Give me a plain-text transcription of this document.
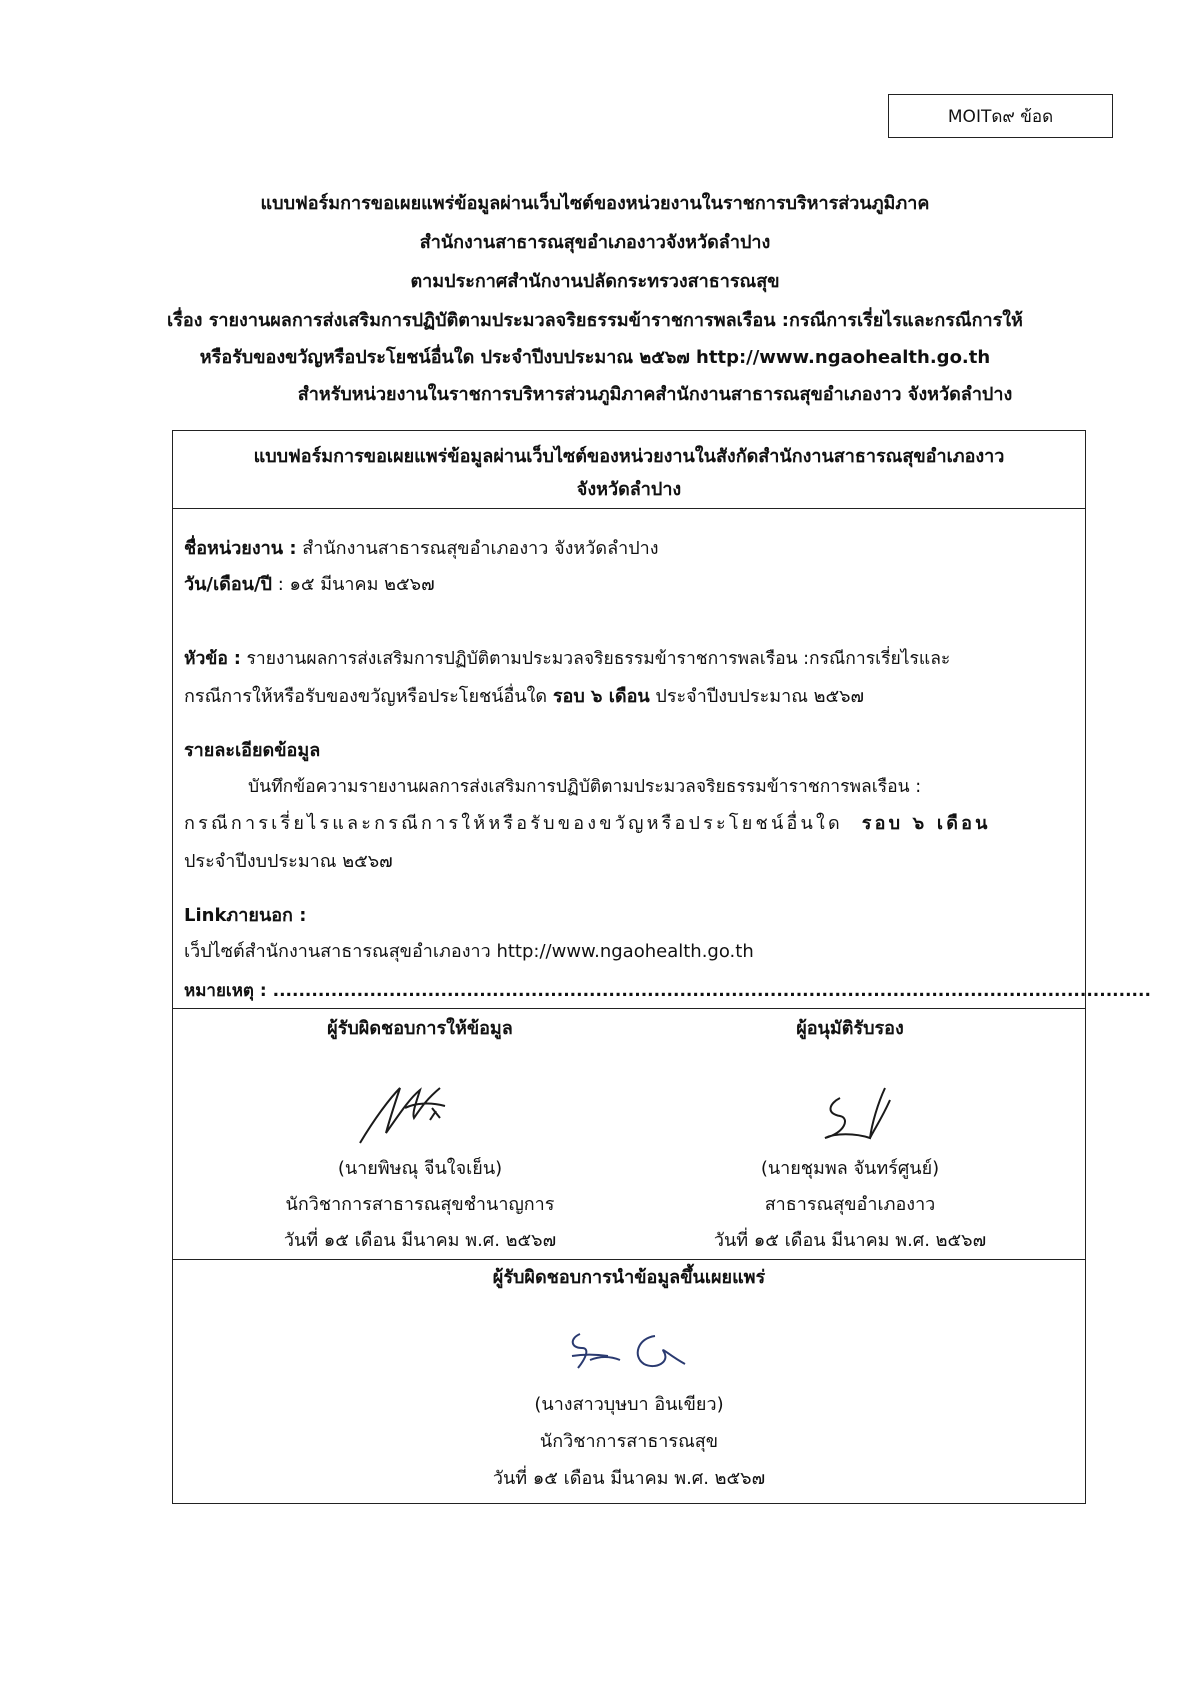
MOITด๙ ข้อด
แบบฟอร์มการขอเผยแพร่ข้อมูลผ่านเว็บไซต์ของหน่วยงานในราชการบริหารส่วนภูมิภาค
สำนักงานสาธารณสุขอำเภองาวจังหวัดลำปาง
ตามประกาศสำนักงานปลัดกระทรวงสาธารณสุข
เรื่อง รายงานผลการส่งเสริมการปฏิบัติตามประมวลจริยธรรมข้าราชการพลเรือน :กรณีการเรี่ยไรและกรณีการให้
หรือรับของขวัญหรือประโยชน์อื่นใด ประจำปีงบประมาณ ๒๕๖๗ http://www.ngaohealth.go.th
สำหรับหน่วยงานในราชการบริหารส่วนภูมิภาคสำนักงานสาธารณสุขอำเภองาว จังหวัดลำปาง
แบบฟอร์มการขอเผยแพร่ข้อมูลผ่านเว็บไซต์ของหน่วยงานในสังกัดสำนักงานสาธารณสุขอำเภองาว
จังหวัดลำปาง
ชื่อหน่วยงาน : สำนักงานสาธารณสุขอำเภองาว จังหวัดลำปาง
วัน/เดือน/ปี : ๑๕ มีนาคม ๒๕๖๗
หัวข้อ : รายงานผลการส่งเสริมการปฏิบัติตามประมวลจริยธรรมข้าราชการพลเรือน :กรณีการเรี่ยไรและ
กรณีการให้หรือรับของขวัญหรือประโยชน์อื่นใด รอบ ๖ เดือน ประจำปีงบประมาณ ๒๕๖๗
รายละเอียดข้อมูล
บันทึกข้อความรายงานผลการส่งเสริมการปฏิบัติตามประมวลจริยธรรมข้าราชการพลเรือน :
กรณีการเรี่ยไรและกรณีการให้หรือรับของขวัญหรือประโยชน์อื่นใด รอบ ๖ เดือน
ประจำปีงบประมาณ ๒๕๖๗
Linkภายนอก :
เว็ปไซต์สำนักงานสาธารณสุขอำเภองาว http://www.ngaohealth.go.th
หมายเหตุ : ........................................................................................................................................
ผู้รับผิดชอบการให้ข้อมูล	ผู้อนุมัติรับรอง
(นายพิษณุ จีนใจเย็น)
นักวิชาการสาธารณสุขชำนาญการ
วันที่ ๑๕ เดือน มีนาคม พ.ศ. ๒๕๖๗
(นายชุมพล จันทร์ศูนย์)
สาธารณสุขอำเภองาว
วันที่ ๑๕ เดือน มีนาคม พ.ศ. ๒๕๖๗
ผู้รับผิดชอบการนำข้อมูลขึ้นเผยแพร่
(นางสาวบุษบา อินเขียว)
นักวิชาการสาธารณสุข
วันที่ ๑๕ เดือน มีนาคม พ.ศ. ๒๕๖๗
